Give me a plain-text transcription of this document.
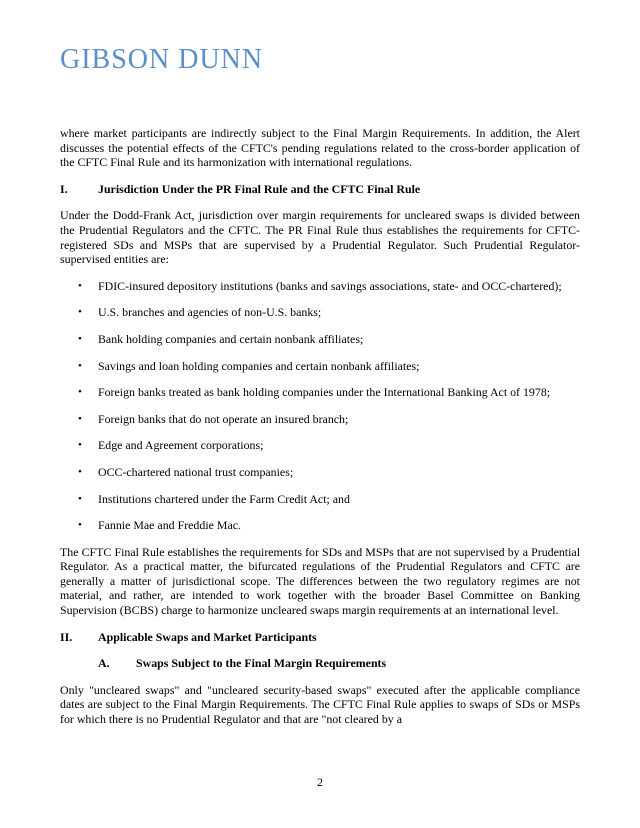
GIBSON DUNN

where market participants are indirectly subject to the Final Margin Requirements. In addition, the Alert discusses the potential effects of the CFTC's pending regulations related to the cross-border application of the CFTC Final Rule and its harmonization with international regulations.

I.	Jurisdiction Under the PR Final Rule and the CFTC Final Rule

Under the Dodd-Frank Act, jurisdiction over margin requirements for uncleared swaps is divided between the Prudential Regulators and the CFTC. The PR Final Rule thus establishes the requirements for CFTC-registered SDs and MSPs that are supervised by a Prudential Regulator. Such Prudential Regulator-supervised entities are:

•	FDIC-insured depository institutions (banks and savings associations, state- and OCC-chartered);
•	U.S. branches and agencies of non-U.S. banks;
•	Bank holding companies and certain nonbank affiliates;
•	Savings and loan holding companies and certain nonbank affiliates;
•	Foreign banks treated as bank holding companies under the International Banking Act of 1978;
•	Foreign banks that do not operate an insured branch;
•	Edge and Agreement corporations;
•	OCC-chartered national trust companies;
•	Institutions chartered under the Farm Credit Act; and
•	Fannie Mae and Freddie Mac.

The CFTC Final Rule establishes the requirements for SDs and MSPs that are not supervised by a Prudential Regulator. As a practical matter, the bifurcated regulations of the Prudential Regulators and CFTC are generally a matter of jurisdictional scope. The differences between the two regulatory regimes are not material, and rather, are intended to work together with the broader Basel Committee on Banking Supervision (BCBS) charge to harmonize uncleared swaps margin requirements at an international level.

II.	Applicable Swaps and Market Participants
A.	Swaps Subject to the Final Margin Requirements

Only "uncleared swaps" and "uncleared security-based swaps" executed after the applicable compliance dates are subject to the Final Margin Requirements. The CFTC Final Rule applies to swaps of SDs or MSPs for which there is no Prudential Regulator and that are "not cleared by a

2
